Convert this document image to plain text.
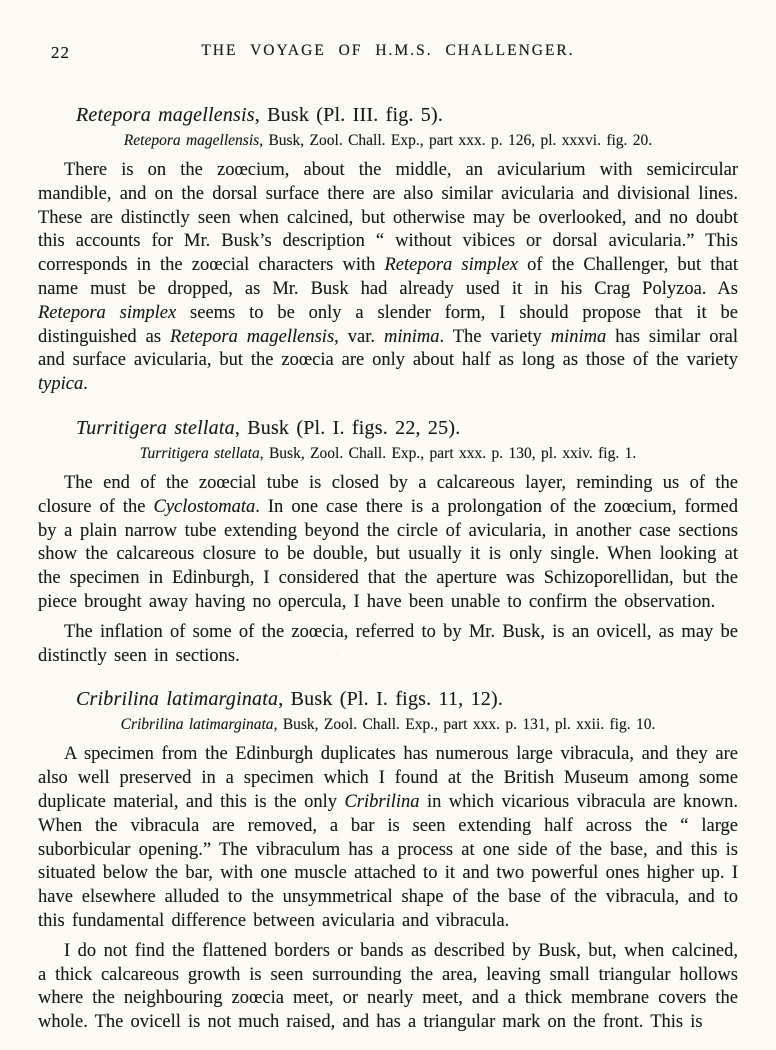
22	THE VOYAGE OF H.M.S. CHALLENGER.
Retepora magellensis, Busk (Pl. III. fig. 5).

Retepora magellensis, Busk, Zool. Chall. Exp., part xxx. p. 126, pl. xxxvi. fig. 20.

There is on the zoœcium, about the middle, an avicularium with semicircular mandible, and on the dorsal surface there are also similar avicularia and divisional lines. These are distinctly seen when calcined, but otherwise may be overlooked, and no doubt this accounts for Mr. Busk’s description “ without vibices or dorsal avicularia.” This corresponds in the zoœcial characters with Retepora simplex of the Challenger, but that name must be dropped, as Mr. Busk had already used it in his Crag Polyzoa. As Retepora simplex seems to be only a slender form, I should propose that it be distinguished as Retepora magellensis, var. minima. The variety minima has similar oral and surface avicularia, but the zoœcia are only about half as long as those of the variety typica.

Turritigera stellata, Busk (Pl. I. figs. 22, 25).

Turritigera stellata, Busk, Zool. Chall. Exp., part xxx. p. 130, pl. xxiv. fig. 1.

The end of the zoœcial tube is closed by a calcareous layer, reminding us of the closure of the Cyclostomata. In one case there is a prolongation of the zoœcium, formed by a plain narrow tube extending beyond the circle of avicularia, in another case sections show the calcareous closure to be double, but usually it is only single. When looking at the specimen in Edinburgh, I considered that the aperture was Schizoporellidan, but the piece brought away having no opercula, I have been unable to confirm the observation.

The inflation of some of the zoœcia, referred to by Mr. Busk, is an ovicell, as may be distinctly seen in sections.

Cribrilina latimarginata, Busk (Pl. I. figs. 11, 12).

Cribrilina latimarginata, Busk, Zool. Chall. Exp., part xxx. p. 131, pl. xxii. fig. 10.

A specimen from the Edinburgh duplicates has numerous large vibracula, and they are also well preserved in a specimen which I found at the British Museum among some duplicate material, and this is the only Cribrilina in which vicarious vibracula are known. When the vibracula are removed, a bar is seen extending half across the “ large suborbicular opening.” The vibraculum has a process at one side of the base, and this is situated below the bar, with one muscle attached to it and two powerful ones higher up. I have elsewhere alluded to the unsymmetrical shape of the base of the vibracula, and to this fundamental difference between avicularia and vibracula.

I do not find the flattened borders or bands as described by Busk, but, when calcined, a thick calcareous growth is seen surrounding the area, leaving small triangular hollows where the neighbouring zoœcia meet, or nearly meet, and a thick membrane covers the whole. The ovicell is not much raised, and has a triangular mark on the front. This is
